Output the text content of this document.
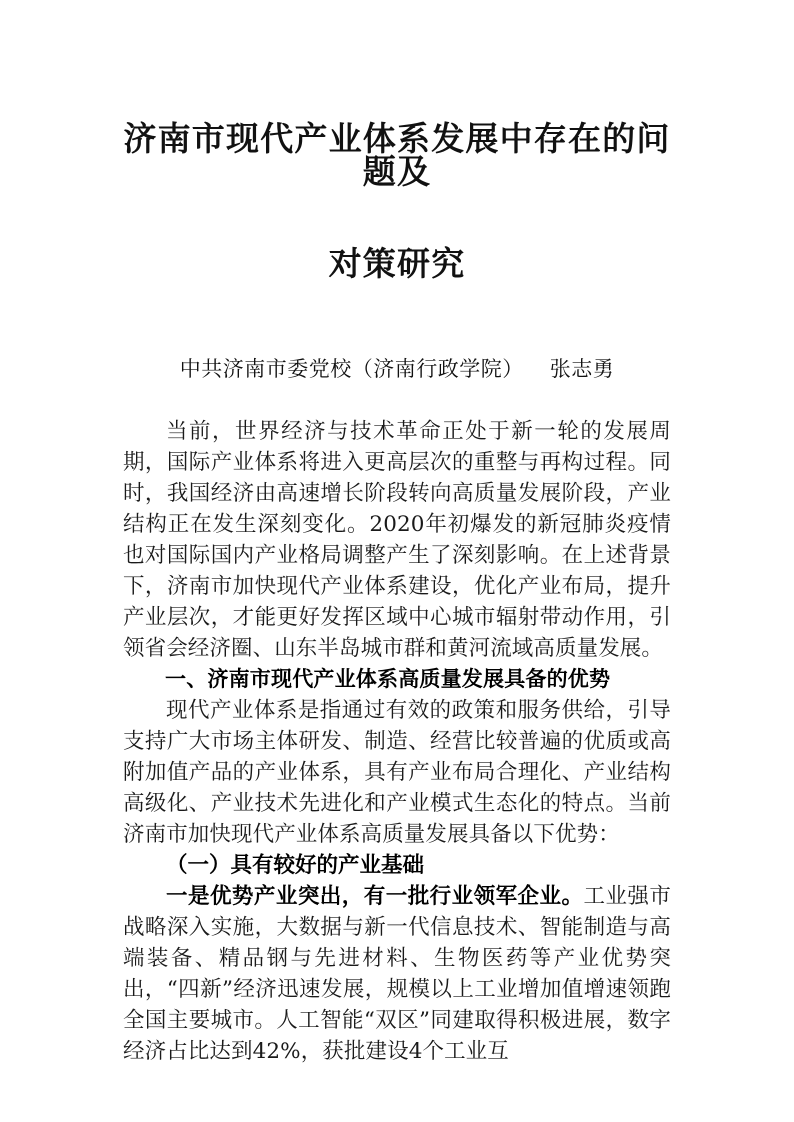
济南市现代产业体系发展中存在的问题及
对策研究
中共济南市委党校（济南行政学院） 张志勇

当前，世界经济与技术革命正处于新一轮的发展周期，国际产业体系将进入更高层次的重整与再构过程。同时，我国经济由高速增长阶段转向高质量发展阶段，产业结构正在发生深刻变化。2020年初爆发的新冠肺炎疫情也对国际国内产业格局调整产生了深刻影响。在上述背景下，济南市加快现代产业体系建设，优化产业布局，提升产业层次，才能更好发挥区域中心城市辐射带动作用，引领省会经济圈、山东半岛城市群和黄河流域高质量发展。

一、济南市现代产业体系高质量发展具备的优势

现代产业体系是指通过有效的政策和服务供给，引导支持广大市场主体研发、制造、经营比较普遍的优质或高附加值产品的产业体系，具有产业布局合理化、产业结构高级化、产业技术先进化和产业模式生态化的特点。当前济南市加快现代产业体系高质量发展具备以下优势：

（一）具有较好的产业基础

一是优势产业突出，有一批行业领军企业。工业强市战略深入实施，大数据与新一代信息技术、智能制造与高端装备、精品钢与先进材料、生物医药等产业优势突出，“四新”经济迅速发展，规模以上工业增加值增速领跑全国主要城市。人工智能“双区”同建取得积极进展，数字经济占比达到42%，获批建设4个工业互
